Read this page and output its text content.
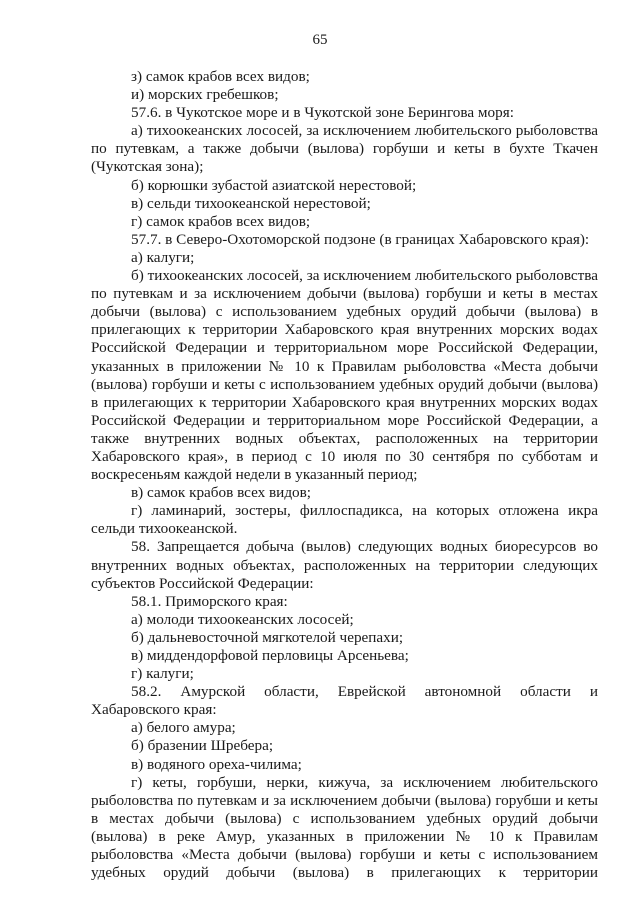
65

з) самок крабов всех видов;

и) морских гребешков;

57.6. в Чукотское море и в Чукотской зоне Берингова моря:

а) тихоокеанских лососей, за исключением любительского рыболовства по путевкам, а также добычи (вылова) горбуши и кеты в бухте Ткачен (Чукотская зона);

б) корюшки зубастой азиатской нерестовой;

в) сельди тихоокеанской нерестовой;

г) самок крабов всех видов;

57.7. в Северо-Охотоморской подзоне (в границах Хабаровского края):

а) калуги;

б) тихоокеанских лососей, за исключением любительского рыболовства по путевкам и за исключением добычи (вылова) горбуши и кеты в местах добычи (вылова) с использованием удебных орудий добычи (вылова) в прилегающих к территории Хабаровского края внутренних морских водах Российской Федерации и территориальном море Российской Федерации, указанных в приложении № 10 к Правилам рыболовства «Места добычи (вылова) горбуши и кеты с использованием удебных орудий добычи (вылова) в прилегающих к территории Хабаровского края внутренних морских водах Российской Федерации и территориальном море Российской Федерации, а также внутренних водных объектах, расположенных на территории Хабаровского края», в период с 10 июля по 30 сентября по субботам и воскресеньям каждой недели в указанный период;

в) самок крабов всех видов;

г) ламинарий, зостеры, филлоспадикса, на которых отложена икра сельди тихоокеанской.

58. Запрещается добыча (вылов) следующих водных биоресурсов во внутренних водных объектах, расположенных на территории следующих субъектов Российской Федерации:

58.1. Приморского края:

а) молоди тихоокеанских лососей;

б) дальневосточной мягкотелой черепахи;

в) миддендорфовой перловицы Арсеньева;

г) калуги;

58.2. Амурской области, Еврейской автономной области и Хабаровского края:

а) белого амура;

б) бразении Шребера;

в) водяного ореха-чилима;

г) кеты, горбуши, нерки, кижуча, за исключением любительского рыболовства по путевкам и за исключением добычи (вылова) горубши и кеты в местах добычи (вылова) с использованием удебных орудий добычи (вылова) в реке Амур, указанных в приложении № 10 к Правилам рыболовства «Места добычи (вылова) горбуши и кеты с использованием удебных орудий добычи (вылова) в прилегающих к территории
